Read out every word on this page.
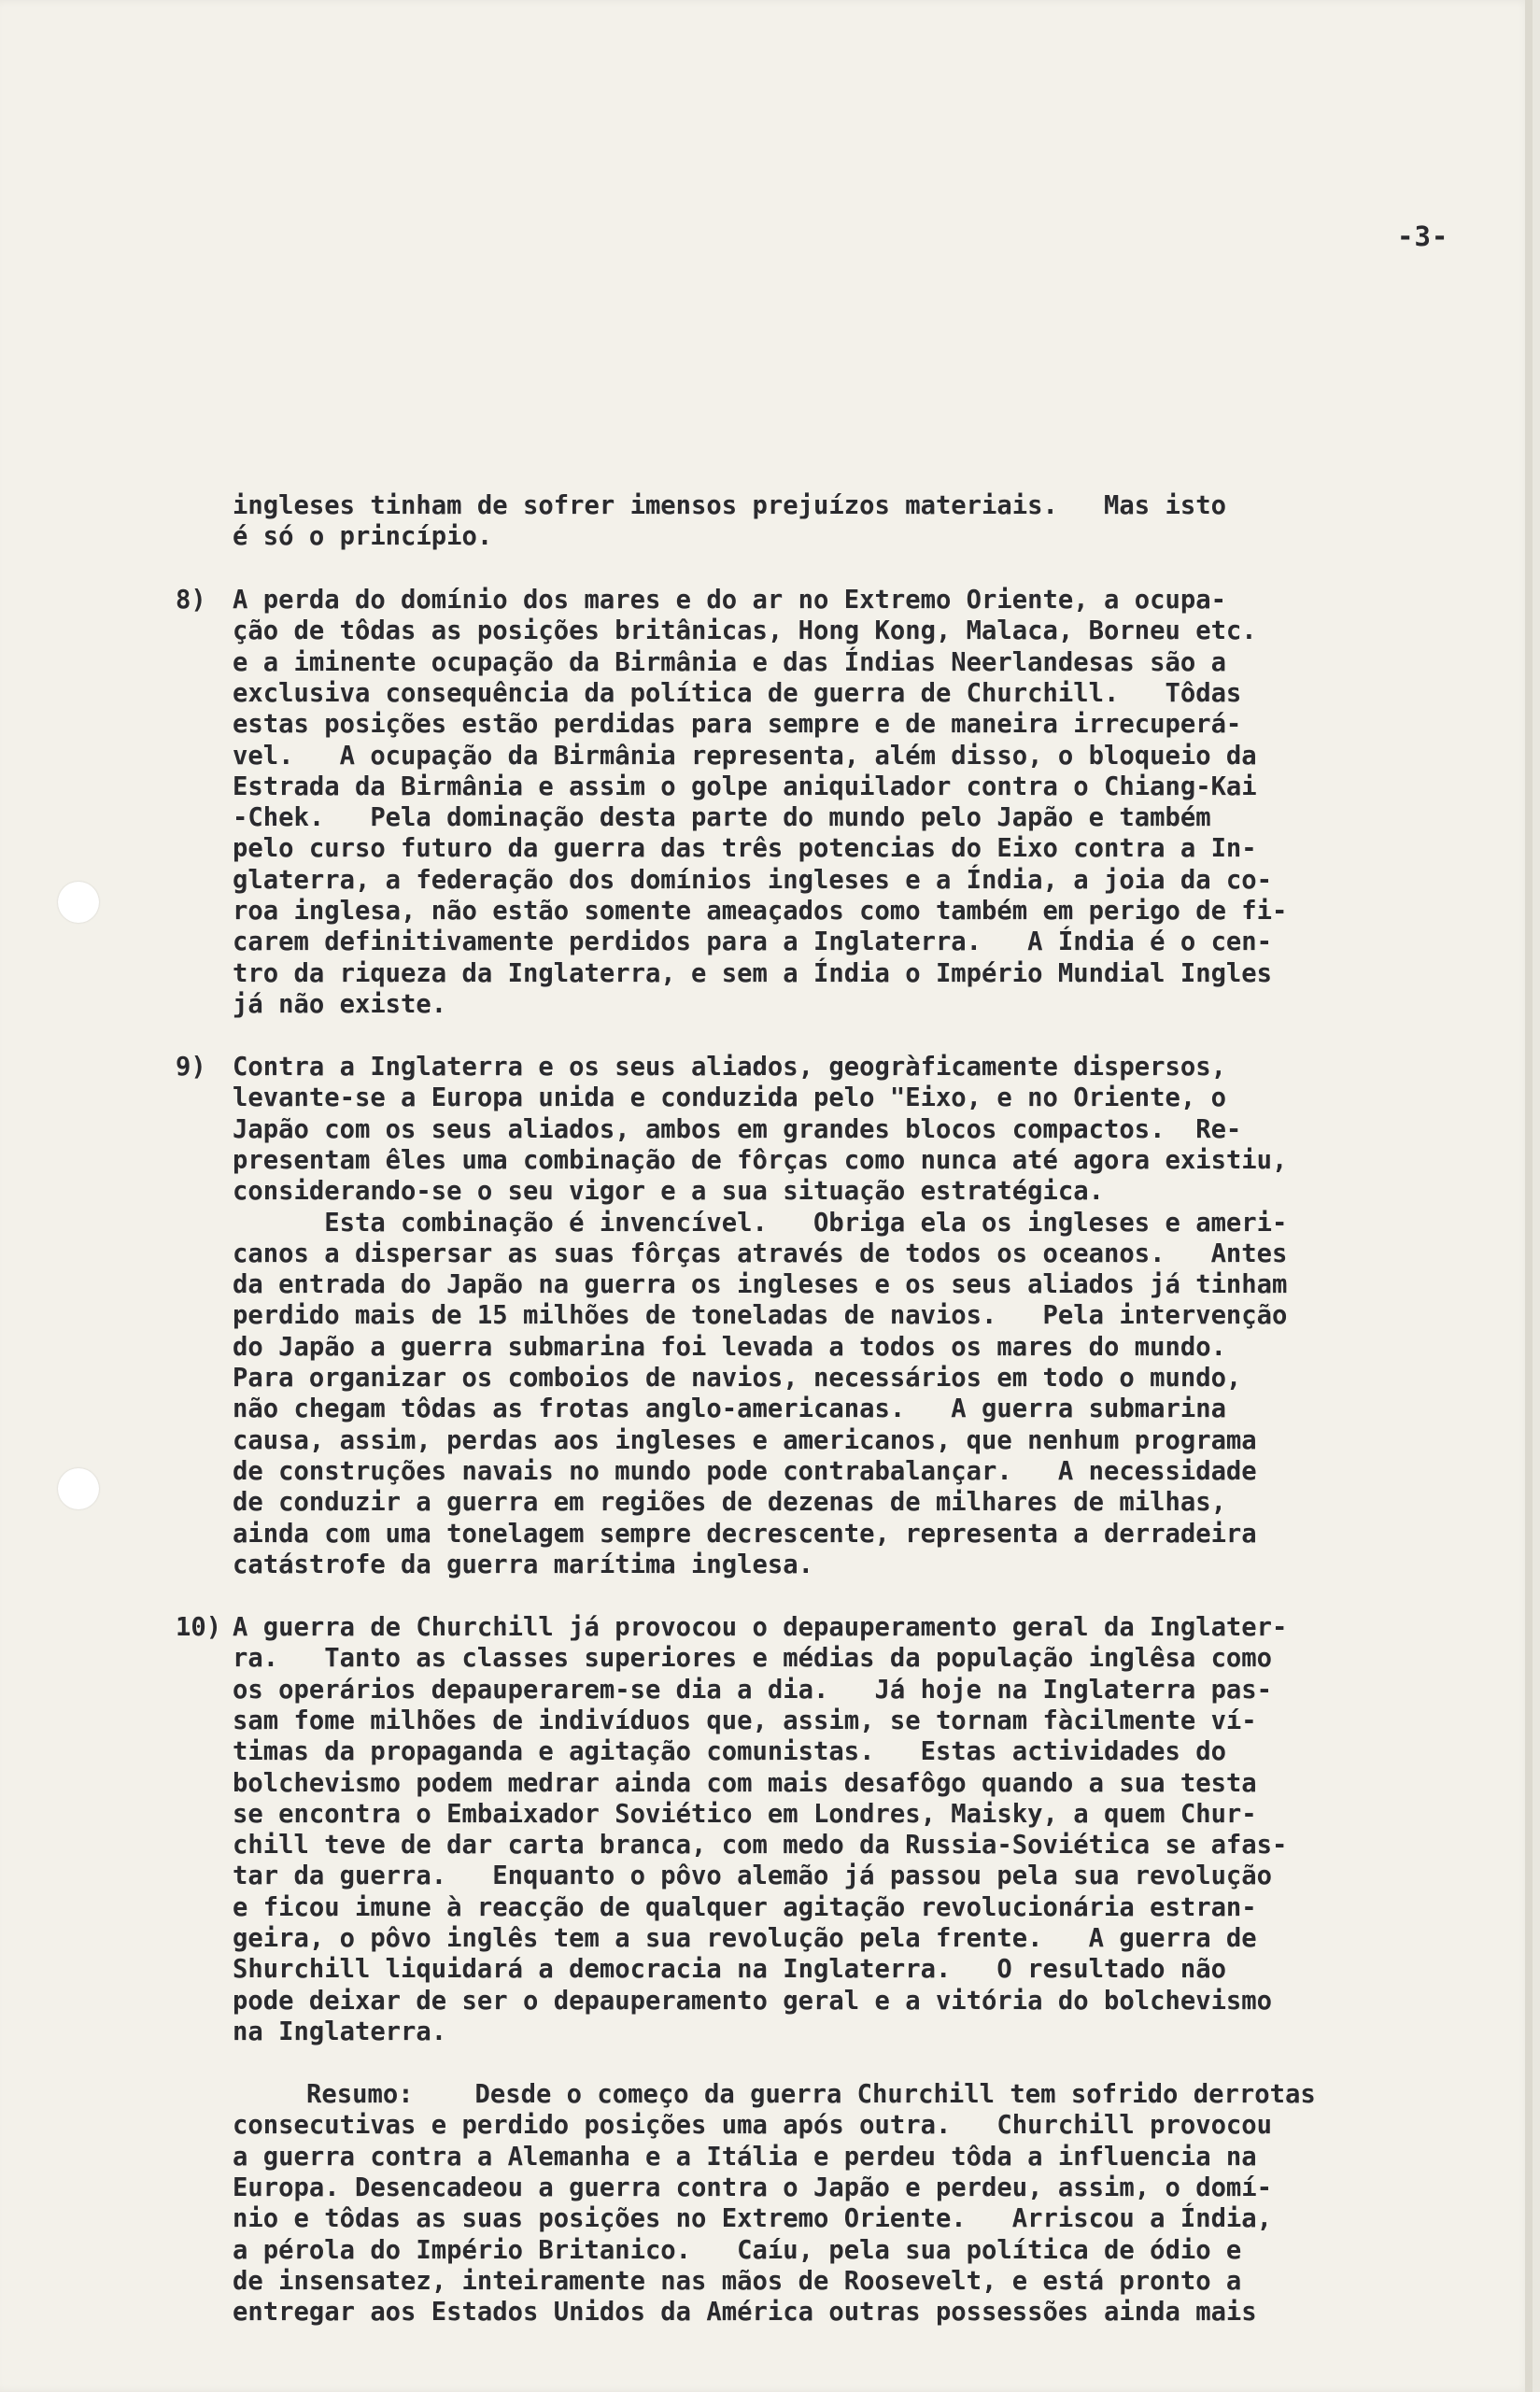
-3-

ingleses tinham de sofrer imensos prejuízos materiais.   Mas isto

é só o princípio.

8)

A perda do domínio dos mares e do ar no Extremo Oriente, a ocupa-
ção de tôdas as posições britânicas, Hong Kong, Malaca, Borneu etc.
e a iminente ocupação da Birmânia e das Índias Neerlandesas são a
exclusiva consequência da política de guerra de Churchill.   Tôdas
estas posições estão perdidas para sempre e de maneira irrecuperá-
vel.   A ocupação da Birmânia representa, além disso, o bloqueio da
Estrada da Birmânia e assim o golpe aniquilador contra o Chiang-Kai
-Chek.   Pela dominação desta parte do mundo pelo Japão e também
pelo curso futuro da guerra das três potencias do Eixo contra a In-
glaterra, a federação dos domínios ingleses e a Índia, a joia da co-
roa inglesa, não estão somente ameaçados como também em perigo de fi-
carem definitivamente perdidos para a Inglaterra.   A Índia é o cen-
tro da riqueza da Inglaterra, e sem a Índia o Império Mundial Ingles
já não existe.

9)

Contra a Inglaterra e os seus aliados, geogràficamente dispersos,
levante-se a Europa unida e conduzida pelo "Eixo, e no Oriente, o
Japão com os seus aliados, ambos em grandes blocos compactos.  Re-
presentam êles uma combinação de fôrças como nunca até agora existiu,
considerando-se o seu vigor e a sua situação estratégica.
Esta combinação é invencível.   Obriga ela os ingleses e ameri-
canos a dispersar as suas fôrças através de todos os oceanos.   Antes
da entrada do Japão na guerra os ingleses e os seus aliados já tinham
perdido mais de 15 milhões de toneladas de navios.   Pela intervenção
do Japão a guerra submarina foi levada a todos os mares do mundo.
Para organizar os comboios de navios, necessários em todo o mundo,
não chegam tôdas as frotas anglo-americanas.   A guerra submarina
causa, assim, perdas aos ingleses e americanos, que nenhum programa
de construções navais no mundo pode contrabalançar.   A necessidade
de conduzir a guerra em regiões de dezenas de milhares de milhas,
ainda com uma tonelagem sempre decrescente, representa a derradeira
catástrofe da guerra marítima inglesa.

10)

A guerra de Churchill já provocou o depauperamento geral da Inglater-
ra.   Tanto as classes superiores e médias da população inglêsa como
os operários depauperarem-se dia a dia.   Já hoje na Inglaterra pas-
sam fome milhões de indivíduos que, assim, se tornam fàcilmente ví-
timas da propaganda e agitação comunistas.   Estas actividades do
bolchevismo podem medrar ainda com mais desafôgo quando a sua testa
se encontra o Embaixador Soviético em Londres, Maisky, a quem Chur-
chill teve de dar carta branca, com medo da Russia-Soviética se afas-
tar da guerra.   Enquanto o pôvo alemão já passou pela sua revolução
e ficou imune à reacção de qualquer agitação revolucionária estran-
geira, o pôvo inglês tem a sua revolução pela frente.   A guerra de
Shurchill liquidará a democracia na Inglaterra.   O resultado não
pode deixar de ser o depauperamento geral e a vitória do bolchevismo
na Inglaterra.

Resumo:

Desde o começo da guerra Churchill tem sofrido derrotas
consecutivas e perdido posições uma após outra.   Churchill provocou
a guerra contra a Alemanha e a Itália e perdeu tôda a influencia na
Europa. Desencadeou a guerra contra o Japão e perdeu, assim, o domí-
nio e tôdas as suas posições no Extremo Oriente.   Arriscou a Índia,
a pérola do Império Britanico.   Caíu, pela sua política de ódio e
de insensatez, inteiramente nas mãos de Roosevelt, e está pronto a
entregar aos Estados Unidos da América outras possessões ainda mais
